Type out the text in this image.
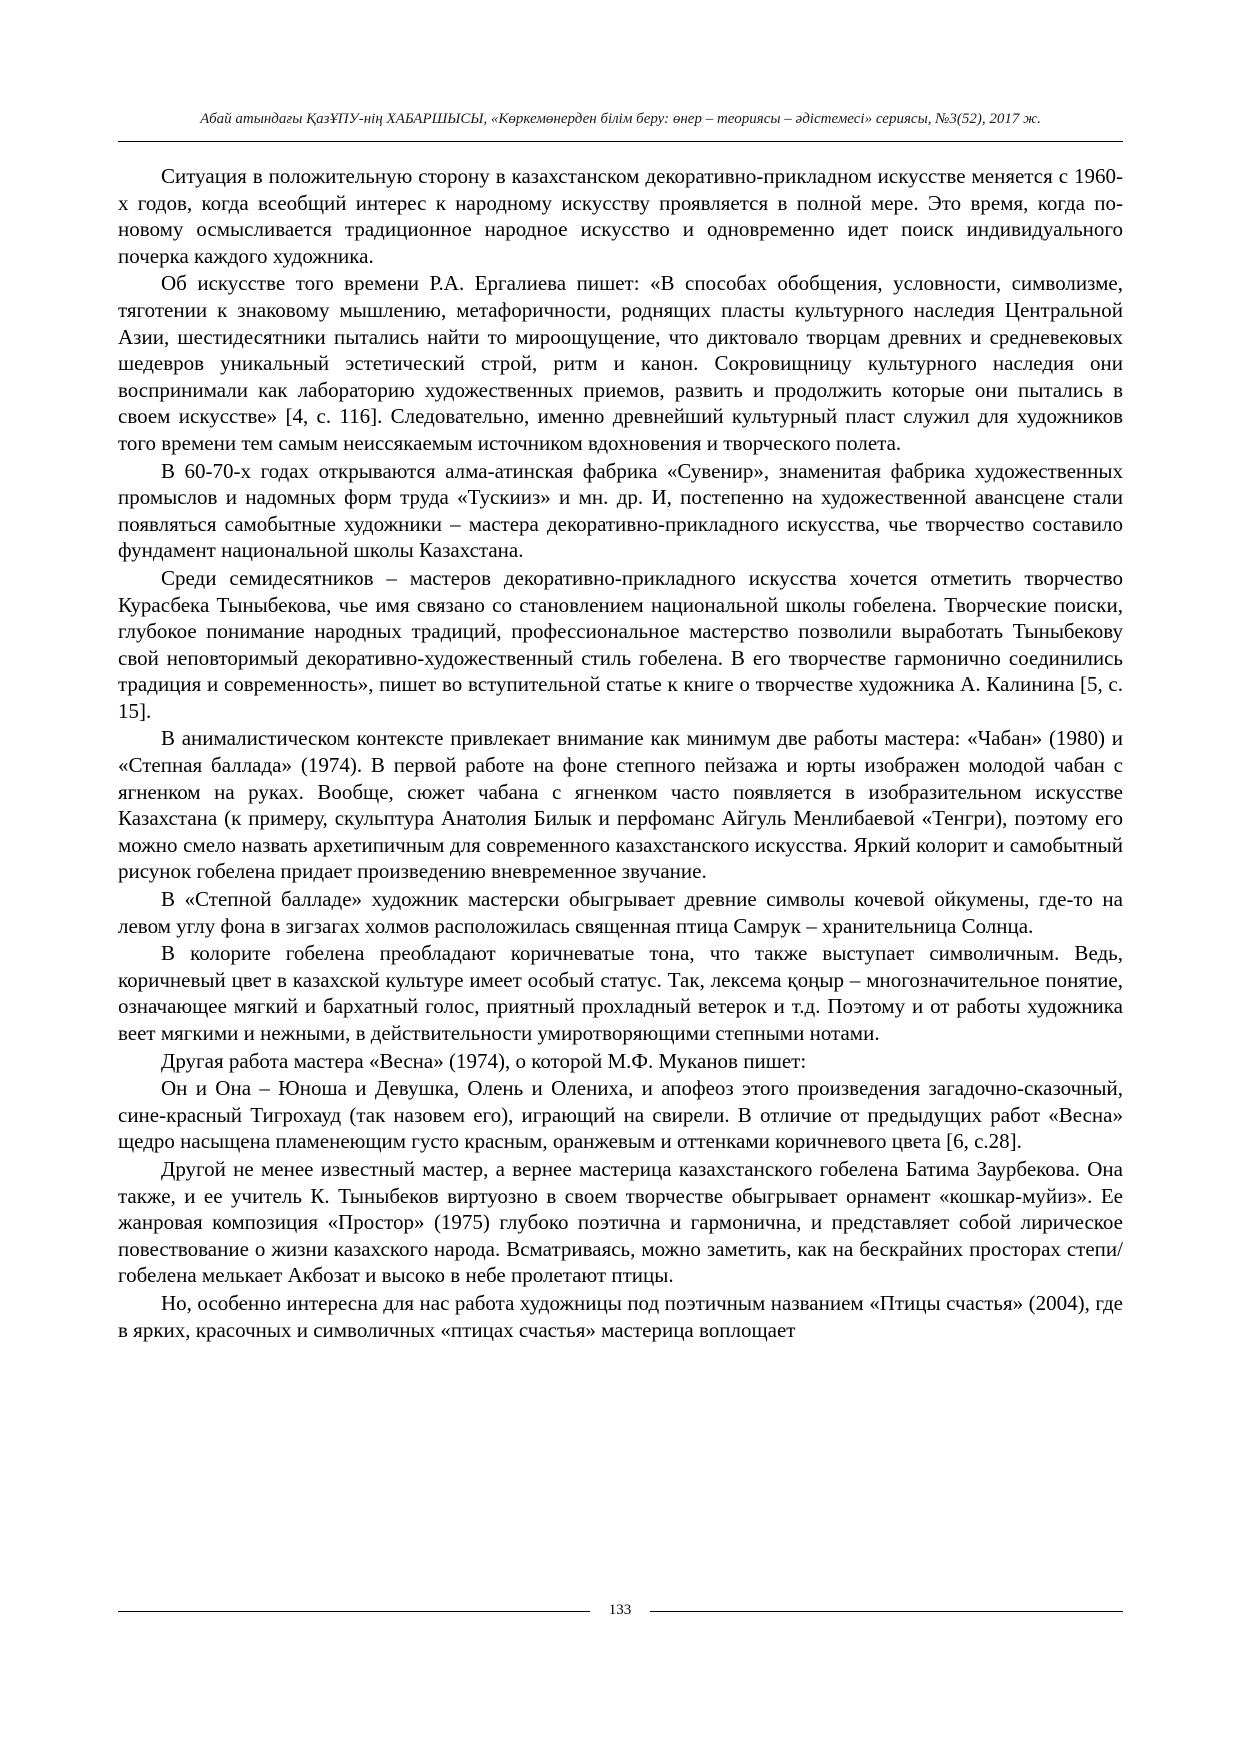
Абай атындағы ҚазҰПУ-нің ХАБАРШЫСЫ, «Көркемөнерден білім беру: өнер – теориясы – әдістемесі» сериясы, №3(52), 2017 ж.

Ситуация в положительную сторону в казахстанском декоративно-прикладном искусстве меняется с 1960-х годов, когда всеобщий интерес к народному искусству проявляется в полной мере. Это время, когда по-новому осмысливается традиционное народное искусство и одновременно идет поиск индивидуального почерка каждого художника.

Об искусстве того времени Р.А. Ергалиева пишет: «В способах обобщения, условности, символизме, тяготении к знаковому мышлению, метафоричности, роднящих пласты культурного наследия Центральной Азии, шестидесятники пытались найти то мироощущение, что диктовало творцам древних и средневековых шедевров уникальный эстетический строй, ритм и канон. Сокровищницу культурного наследия они воспринимали как лабораторию художественных приемов, развить и продолжить которые они пытались в своем искусстве» [4, с. 116]. Следовательно, именно древнейший культурный пласт служил для художников того времени тем самым неиссякаемым источником вдохновения и творческого полета.

В 60-70-х годах открываются алма-атинская фабрика «Сувенир», знаменитая фабрика художественных промыслов и надомных форм труда «Тускииз» и мн. др. И, постепенно на художественной авансцене стали появляться самобытные художники – мастера декоративно-прикладного искусства, чье творчество составило фундамент национальной школы Казахстана.

Среди семидесятников – мастеров декоративно-прикладного искусства хочется отметить творчество Курасбека Тыныбекова, чье имя связано со становлением национальной школы гобелена. Творческие поиски, глубокое понимание народных традиций, профессиональное мастерство позволили выработать Тыныбекову свой неповторимый декоративно-художественный стиль гобелена. В его творчестве гармонично соединились традиция и современность», пишет во вступительной статье к книге о творчестве художника А. Калинина [5, с. 15].

В анималистическом контексте привлекает внимание как минимум две работы мастера: «Чабан» (1980) и «Степная баллада» (1974). В первой работе на фоне степного пейзажа и юрты изображен молодой чабан с ягненком на руках. Вообще, сюжет чабана с ягненком часто появляется в изобразительном искусстве Казахстана (к примеру, скульптура Анатолия Билык и перфоманс Айгуль Менлибаевой «Тенгри), поэтому его можно смело назвать архетипичным для современного казахстанского искусства. Яркий колорит и самобытный рисунок гобелена придает произведению вневременное звучание.

В «Степной балладе» художник мастерски обыгрывает древние символы кочевой ойкумены, где-то на левом углу фона в зигзагах холмов расположилась священная птица Самрук – хранительница Солнца.

В колорите гобелена преобладают коричневатые тона, что также выступает символичным. Ведь, коричневый цвет в казахской культуре имеет особый статус. Так, лексема қоңыр – многозначительное понятие, означающее мягкий и бархатный голос, приятный прохладный ветерок и т.д. Поэтому и от работы художника веет мягкими и нежными, в действительности умиротворяющими степными нотами.

Другая работа мастера «Весна» (1974), о которой М.Ф. Муканов пишет:

Он и Она – Юноша и Девушка, Олень и Олениха, и апофеоз этого произведения загадочно-сказочный, сине-красный Тигрохауд (так назовем его), играющий на свирели. В отличие от предыдущих работ «Весна» щедро насыщена пламенеющим густо красным, оранжевым и оттенками коричневого цвета [6, с.28].

Другой не менее известный мастер, а вернее мастерица казахстанского гобелена Батима Заурбекова. Она также, и ее учитель К. Тыныбеков виртуозно в своем творчестве обыгрывает орнамент «кошкар-муйиз». Ее жанровая композиция «Простор» (1975) глубоко поэтична и гармонична, и представляет собой лирическое повествование о жизни казахского народа. Всматриваясь, можно заметить, как на бескрайних просторах степи/гобелена мелькает Акбозат и высоко в небе пролетают птицы.

Но, особенно интересна для нас работа художницы под поэтичным названием «Птицы счастья» (2004), где в ярких, красочных и символичных «птицах счастья» мастерица воплощает

133
